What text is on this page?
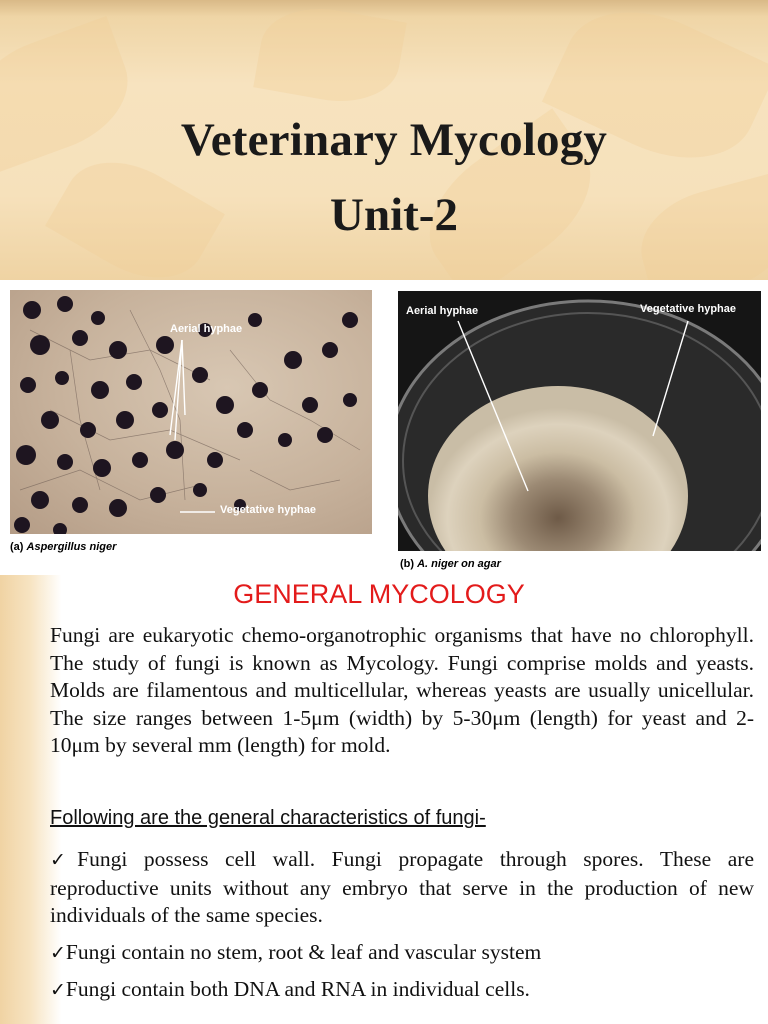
Veterinary Mycology
Unit-2
Aerial hyphae
Vegetative hyphae
(a) Aspergillus niger
Aerial hyphae	Vegetative hyphae
(b) A. niger on agar
GENERAL MYCOLOGY

Fungi are eukaryotic chemo-organotrophic organisms that have no chlorophyll. The study of fungi is known as Mycology. Fungi comprise molds and yeasts. Molds are filamentous and multicellular, whereas yeasts are usually unicellular. The size ranges between 1-5μm (width) by 5-30μm (length) for yeast and 2-10μm by several mm (length) for mold.

Following are the general characteristics of fungi-
✓Fungi possess cell wall. Fungi propagate through spores. These are reproductive units without any embryo that serve in the production of new individuals of the same species.
✓Fungi contain no stem, root & leaf and vascular system
✓Fungi contain both DNA and RNA in individual cells.
